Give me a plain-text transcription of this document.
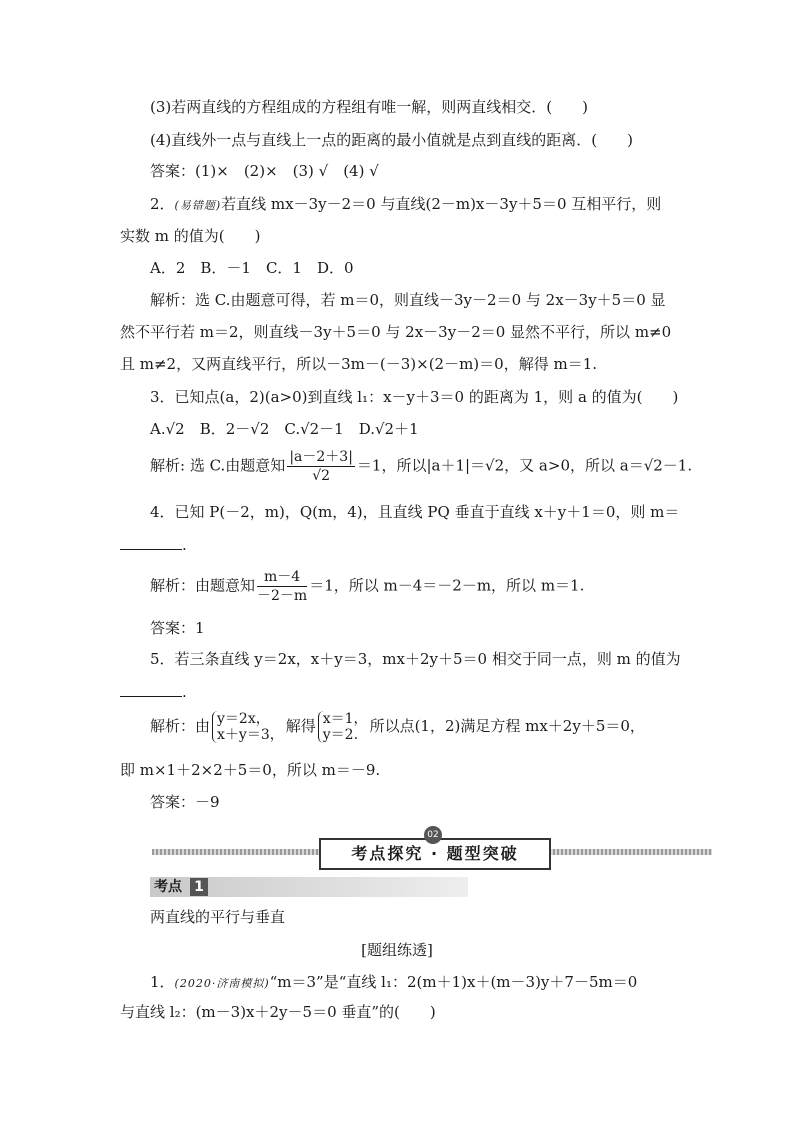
(3)若两直线的方程组成的方程组有唯一解，则两直线相交．(　　)
(4)直线外一点与直线上一点的距离的最小值就是点到直线的距离．(　　)
答案：(1)×　(2)×　(3) √　(4) √
2．(易错题)若直线 mx－3y－2＝0 与直线(2－m)x－3y＋5＝0 互相平行，则
实数 m 的值为(　　)
A．2　B．－1　C．1　D．0
解析：选 C.由题意可得，若 m＝0，则直线－3y－2＝0 与 2x－3y＋5＝0 显
然不平行若 m＝2，则直线－3y＋5＝0 与 2x－3y－2＝0 显然不平行，所以 m≠0
且 m≠2，又两直线平行，所以－3m－(－3)×(2－m)＝0，解得 m＝1.
3．已知点(a，2)(a>0)到直线 l₁：x－y＋3＝0 的距离为 1，则 a 的值为(　　)
A.√2　B．2－√2　C.√2－1　D.√2＋1
解析: 选 C.由题意知 $\frac{|a-2+3|}{√2} =1$，所以|a＋1|＝√2，又 a>0，所以 a＝√2－1.
4．已知 P(－2，m)，Q(m，4)，且直线 PQ 垂直于直线 x＋y＋1＝0，则 m＝
.
解析：由题意知 $\frac{m-4}{-2-m} =1$，所以 m－4＝－2－m，所以 m＝1.
答案：1
5．若三条直线 y＝2x，x＋y＝3，mx＋2y＋5＝0 相交于同一点，则 m 的值为
.
解析：由 y＝2x，
x＋y＝3， 解得 x＝1，
y＝2. 所以点(1，2)满足方程 mx＋2y＋5＝0，
即 m×1＋2×2＋5＝0，所以 m＝－9.
答案：－9
考点探究 · 题型突破
02
考点 1
两直线的平行与垂直
[题组练透]
1．(2020·济南模拟)“m＝3”是“直线 l₁：2(m＋1)x＋(m－3)y＋7－5m＝0
与直线 l₂：(m－3)x＋2y－5＝0 垂直”的(　　)
